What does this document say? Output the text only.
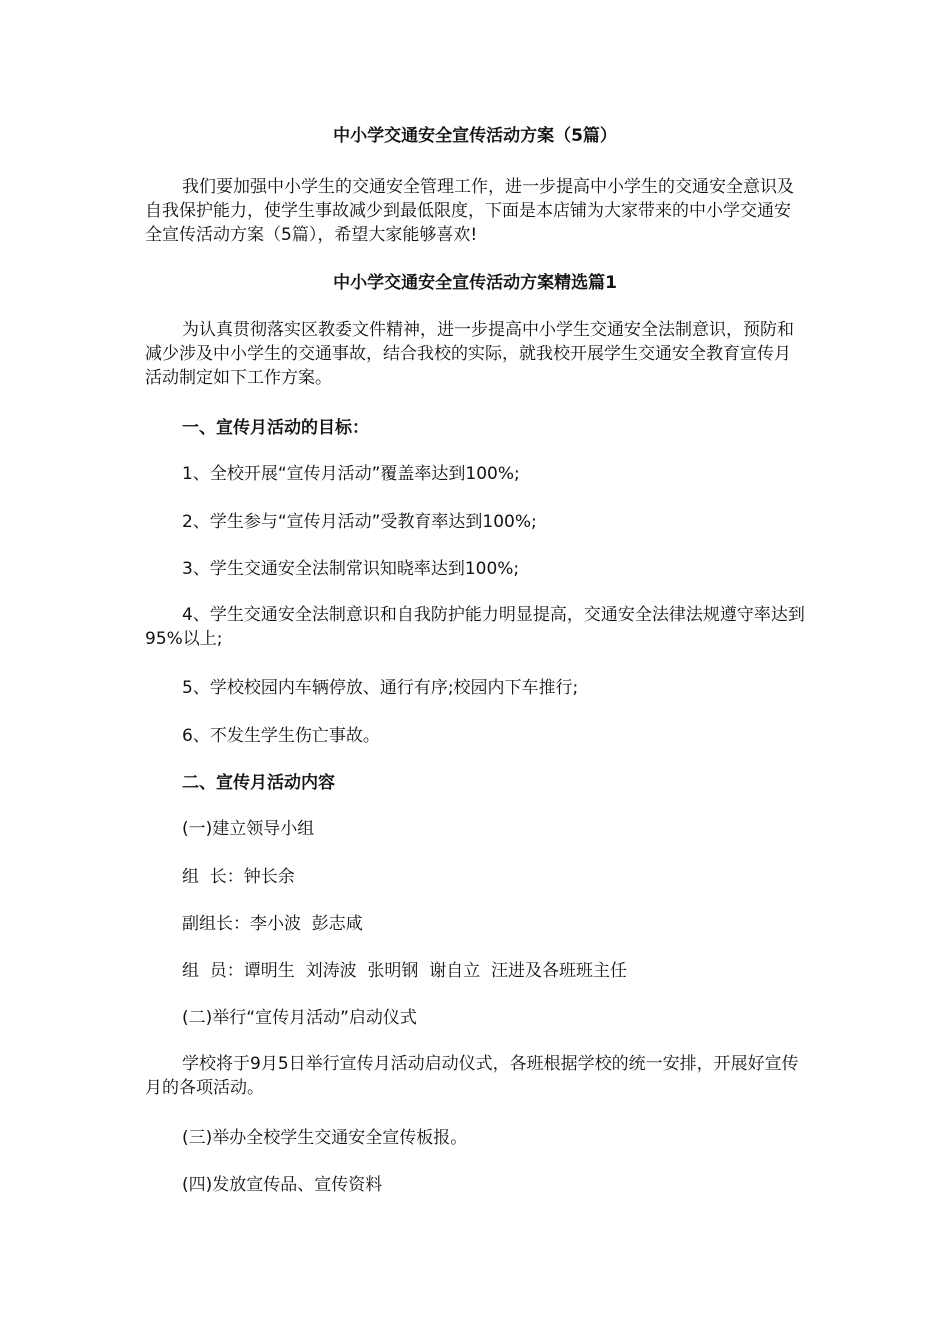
中小学交通安全宣传活动方案（5篇）

我们要加强中小学生的交通安全管理工作，进一步提高中小学生的交通安全意识及自我保护能力，使学生事故减少到最低限度，下面是本店铺为大家带来的中小学交通安全宣传活动方案（5篇），希望大家能够喜欢!

中小学交通安全宣传活动方案精选篇1

为认真贯彻落实区教委文件精神，进一步提高中小学生交通安全法制意识，预防和减少涉及中小学生的交通事故，结合我校的实际，就我校开展学生交通安全教育宣传月活动制定如下工作方案。

一、宣传月活动的目标：
1、全校开展“宣传月活动”覆盖率达到100%;
2、学生参与“宣传月活动”受教育率达到100%;
3、学生交通安全法制常识知晓率达到100%;

4、学生交通安全法制意识和自我防护能力明显提高，交通安全法律法规遵守率达到95%以上;

5、学校校园内车辆停放、通行有序;校园内下车推行;
6、不发生学生伤亡事故。
二、宣传月活动内容
(一)建立领导小组
组  长：钟长余
副组长：李小波  彭志咸
组  员：谭明生  刘涛波  张明钢  谢自立  汪进及各班班主任
(二)举行“宣传月活动”启动仪式

学校将于9月5日举行宣传月活动启动仪式，各班根据学校的统一安排，开展好宣传月的各项活动。

(三)举办全校学生交通安全宣传板报。
(四)发放宣传品、宣传资料
